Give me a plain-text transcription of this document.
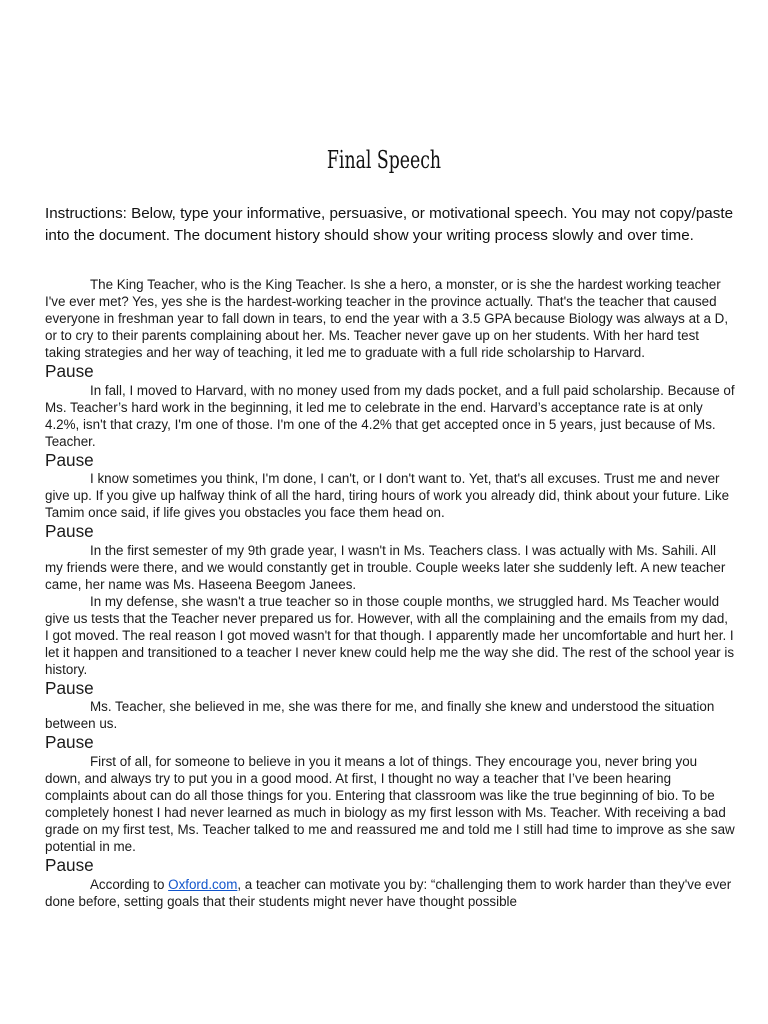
Final Speech
Instructions: Below, type your informative, persuasive, or motivational speech. You may not copy/paste into the document. The document history should show your writing process slowly and over time.

The King Teacher, who is the King Teacher. Is she a hero, a monster, or is she the hardest working teacher I've ever met? Yes, yes she is the hardest-working teacher in the province actually. That's the teacher that caused everyone in freshman year to fall down in tears, to end the year with a 3.5 GPA because Biology was always at a D, or to cry to their parents complaining about her. Ms. Teacher never gave up on her students. With her hard test taking strategies and her way of teaching, it led me to graduate with a full ride scholarship to Harvard.

Pause

In fall, I moved to Harvard, with no money used from my dads pocket, and a full paid scholarship. Because of Ms. Teacher’s hard work in the beginning, it led me to celebrate in the end. Harvard’s acceptance rate is at only 4.2%, isn't that crazy, I'm one of those. I'm one of the 4.2% that get accepted once in 5 years, just because of Ms. Teacher.

Pause

I know sometimes you think, I'm done, I can't, or I don't want to. Yet, that's all excuses. Trust me and never give up. If you give up halfway think of all the hard, tiring hours of work you already did, think about your future. Like Tamim once said, if life gives you obstacles you face them head on.

Pause

In the first semester of my 9th grade year, I wasn't in Ms. Teachers class. I was actually with Ms. Sahili. All my friends were there, and we would constantly get in trouble. Couple weeks later she suddenly left. A new teacher came, her name was Ms. Haseena Beegom Janees.

In my defense, she wasn't a true teacher so in those couple months, we struggled hard. Ms Teacher would give us tests that the Teacher never prepared us for. However, with all the complaining and the emails from my dad, I got moved. The real reason I got moved wasn't for that though. I apparently made her uncomfortable and hurt her. I let it happen and transitioned to a teacher I never knew could help me the way she did. The rest of the school year is history.

Pause

Ms. Teacher, she believed in me, she was there for me, and finally she knew and understood the situation between us.

Pause

First of all, for someone to believe in you it means a lot of things. They encourage you, never bring you down, and always try to put you in a good mood. At first, I thought no way a teacher that I’ve been hearing complaints about can do all those things for you. Entering that classroom was like the true beginning of bio. To be completely honest I had never learned as much in biology as my first lesson with Ms. Teacher. With receiving a bad grade on my first test, Ms. Teacher talked to me and reassured me and told me I still had time to improve as she saw potential in me.

Pause

According to Oxford.com, a teacher can motivate you by: “challenging them to work harder than they've ever done before, setting goals that their students might never have thought possible
